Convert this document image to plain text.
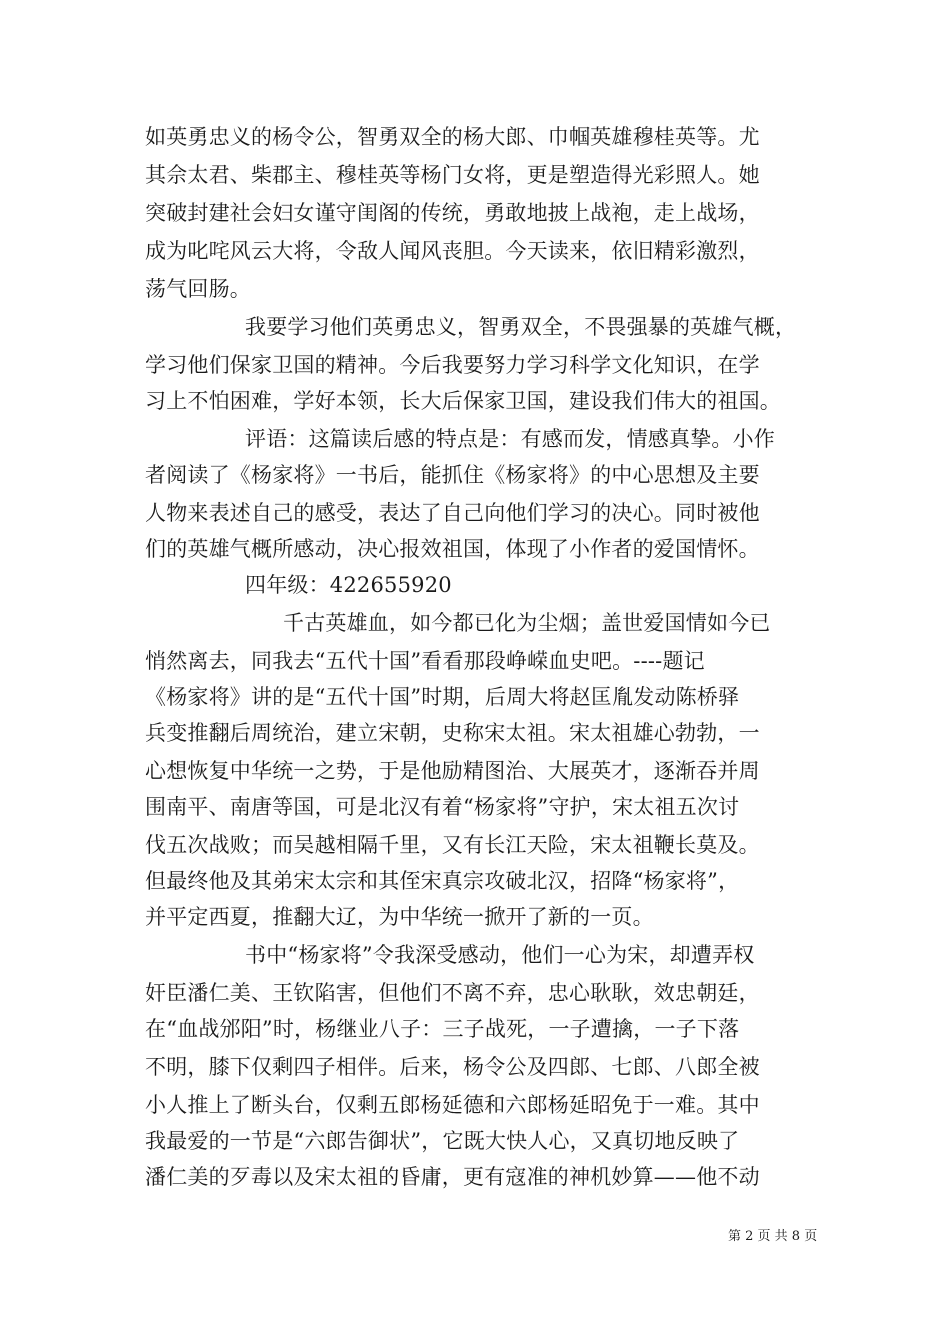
如英勇忠义的杨令公，智勇双全的杨大郎、巾帼英雄穆桂英等。尤
其佘太君、柴郡主、穆桂英等杨门女将，更是塑造得光彩照人。她
突破封建社会妇女谨守闺阁的传统，勇敢地披上战袍，走上战场，
成为叱咤风云大将，令敌人闻风丧胆。今天读来，依旧精彩激烈，
荡气回肠。
我要学习他们英勇忠义，智勇双全，不畏强暴的英雄气概，
学习他们保家卫国的精神。今后我要努力学习科学文化知识，在学
习上不怕困难，学好本领，长大后保家卫国，建设我们伟大的祖国。
评语：这篇读后感的特点是：有感而发，情感真挚。小作
者阅读了《杨家将》一书后，能抓住《杨家将》的中心思想及主要
人物来表述自己的感受，表达了自己向他们学习的决心。同时被他
们的英雄气概所感动，决心报效祖国，体现了小作者的爱国情怀。
四年级：422655920
千古英雄血，如今都已化为尘烟；盖世爱国情如今已
悄然离去，同我去“五代十国”看看那段峥嵘血史吧。----题记
《杨家将》讲的是“五代十国”时期，后周大将赵匡胤发动陈桥驿
兵变推翻后周统治，建立宋朝，史称宋太祖。宋太祖雄心勃勃，一
心想恢复中华统一之势，于是他励精图治、大展英才，逐渐吞并周
围南平、南唐等国，可是北汉有着“杨家将”守护，宋太祖五次讨
伐五次战败；而吴越相隔千里，又有长江天险，宋太祖鞭长莫及。
但最终他及其弟宋太宗和其侄宋真宗攻破北汉，招降“杨家将”，
并平定西夏，推翻大辽，为中华统一掀开了新的一页。
书中“杨家将”令我深受感动，他们一心为宋，却遭弄权
奸臣潘仁美、王钦陷害，但他们不离不弃，忠心耿耿，效忠朝廷，
在“血战邠阳”时，杨继业八子：三子战死，一子遭擒，一子下落
不明，膝下仅剩四子相伴。后来，杨令公及四郎、七郎、八郎全被
小人推上了断头台，仅剩五郎杨延德和六郎杨延昭免于一难。其中
我最爱的一节是“六郎告御状”，它既大快人心，又真切地反映了
潘仁美的歹毒以及宋太祖的昏庸，更有寇准的神机妙算——他不动
第 2 页 共 8 页
